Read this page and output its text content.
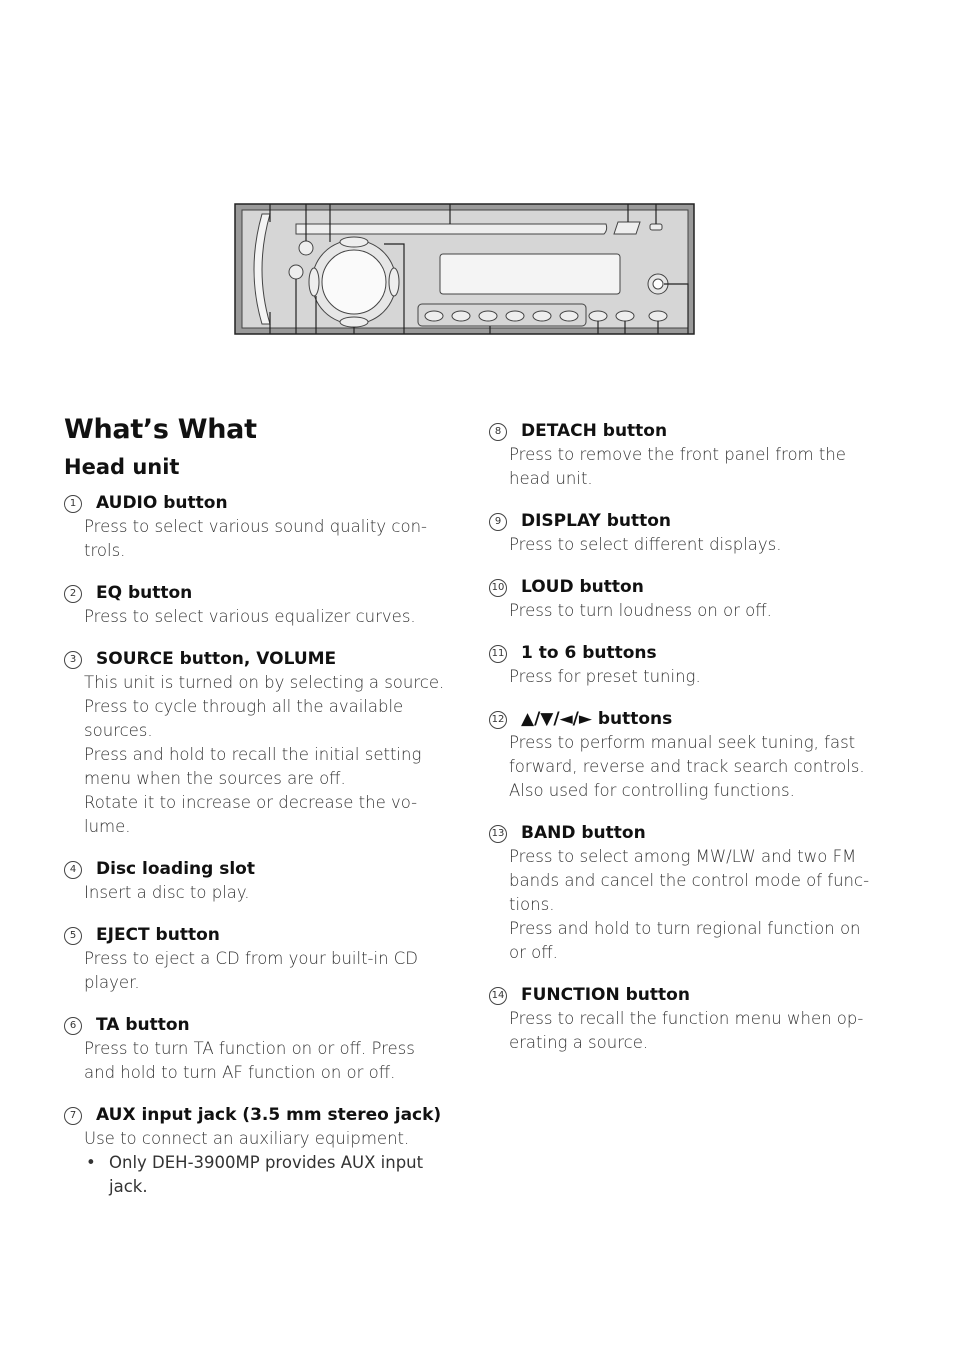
What’s What
Head unit
1 AUDIO button
Press to select various sound quality con-
trols.
2 EQ button
Press to select various equalizer curves.
3 SOURCE button, VOLUME
This unit is turned on by selecting a source.
Press to cycle through all the available
sources.
Press and hold to recall the initial setting
menu when the sources are off.
Rotate it to increase or decrease the vo-
lume.
4 Disc loading slot
Insert a disc to play.
5 EJECT button
Press to eject a CD from your built-in CD
player.
6 TA button
Press to turn TA function on or off. Press
and hold to turn AF function on or off.
7 AUX input jack (3.5 mm stereo jack)
Use to connect an auxiliary equipment.
• Only DEH-3900MP provides AUX input
jack.
8 DETACH button
Press to remove the front panel from the
head unit.
9 DISPLAY button
Press to select different displays.
10 LOUD button
Press to turn loudness on or off.
11 1 to 6 buttons
Press for preset tuning.
12 ▲/▼/◄/► buttons
Press to perform manual seek tuning, fast
forward, reverse and track search controls.
Also used for controlling functions.
13 BAND button
Press to select among MW/LW and two FM
bands and cancel the control mode of func-
tions.
Press and hold to turn regional function on
or off.
14 FUNCTION button
Press to recall the function menu when op-
erating a source.
